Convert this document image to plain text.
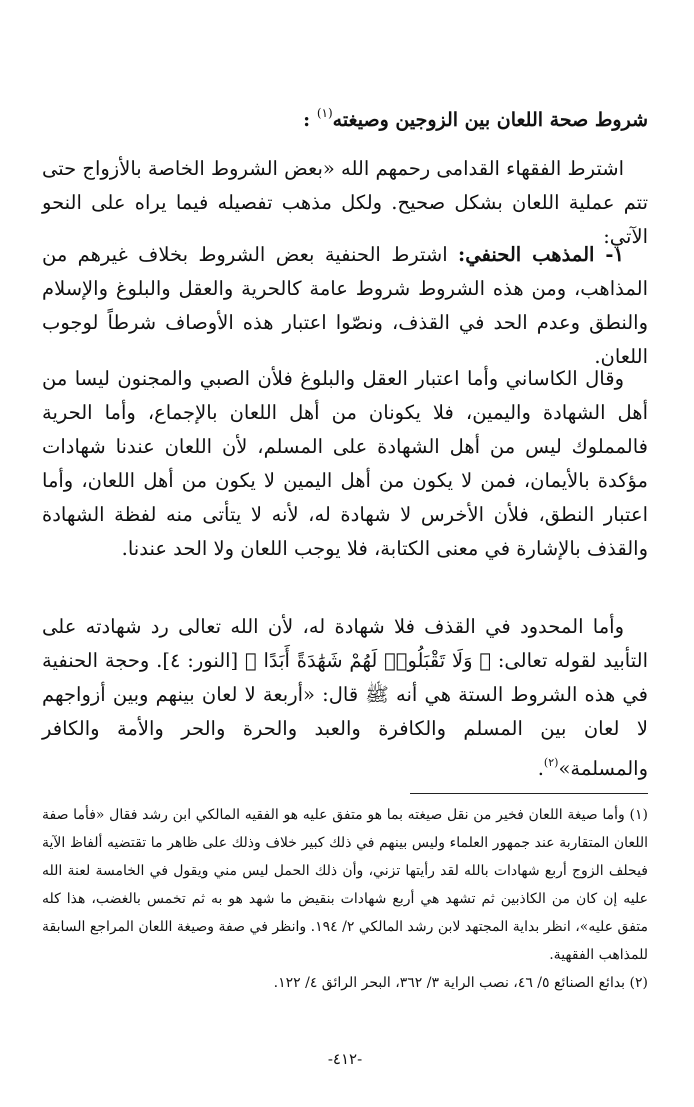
شروط صحة اللعان بين الزوجين وصيغته$^{(١)}$ :
اشترط الفقهاء القدامى رحمهم الله «بعض الشروط الخاصة بالأزواج حتى تتم عملية اللعان بشكل صحيح. ولكل مذهب تفصيله فيما يراه على النحو الآتي:
١- المذهب الحنفي: اشترط الحنفية بعض الشروط بخلاف غيرهم من المذاهب، ومن هذه الشروط شروط عامة كالحرية والعقل والبلوغ والإسلام والنطق وعدم الحد في القذف، ونصّوا اعتبار هذه الأوصاف شرطاً لوجوب اللعان.
وقال الكاساني وأما اعتبار العقل والبلوغ فلأن الصبي والمجنون ليسا من أهل الشهادة واليمين، فلا يكونان من أهل اللعان بالإجماع، وأما الحرية فالمملوك ليس من أهل الشهادة على المسلم، لأن اللعان عندنا شهادات مؤكدة بالأيمان، فمن لا يكون من أهل اليمين لا يكون من أهل اللعان، وأما اعتبار النطق، فلأن الأخرس لا شهادة له، لأنه لا يتأتى منه لفظة الشهادة والقذف بالإشارة في معنى الكتابة، فلا يوجب اللعان ولا الحد عندنا.
وأما المحدود في القذف فلا شهادة له، لأن الله تعالى رد شهادته على التأبيد لقوله تعالى: ﴿ وَلَا تَقْبَلُوا۟ لَهُمْ شَهَٰدَةً أَبَدًا ﴾ [النور: ٤]. وحجة الحنفية في هذه الشروط الستة هي أنه ﷺ قال: «أربعة لا لعان بينهم وبين أزواجهم لا لعان بين المسلم والكافرة والعبد والحرة والحر والأمة والكافر والمسلمة»$^{(٢)}$.
(١) وأما صيغة اللعان فخير من نقل صيغته بما هو متفق عليه هو الفقيه المالكي ابن رشد فقال «فأما صفة اللعان المتقاربة عند جمهور العلماء وليس بينهم في ذلك كبير خلاف وذلك على ظاهر ما تقتضيه ألفاظ الآية فيحلف الزوج أربع شهادات بالله لقد رأيتها تزني، وأن ذلك الحمل ليس مني ويقول في الخامسة لعنة الله عليه إن كان من الكاذبين ثم تشهد هي أربع شهادات بنقيض ما شهد هو به ثم تخمس بالغضب، هذا كله متفق عليه»، انظر بداية المجتهد لابن رشد المالكي ٢/ ١٩٤. وانظر في صفة وصيغة اللعان المراجع السابقة للمذاهب الفقهية.
(٢) بدائع الصنائع ٥/ ٤٦، نصب الراية ٣/ ٣٦٢، البحر الرائق ٤/ ١٢٢.
-٤١٢-
